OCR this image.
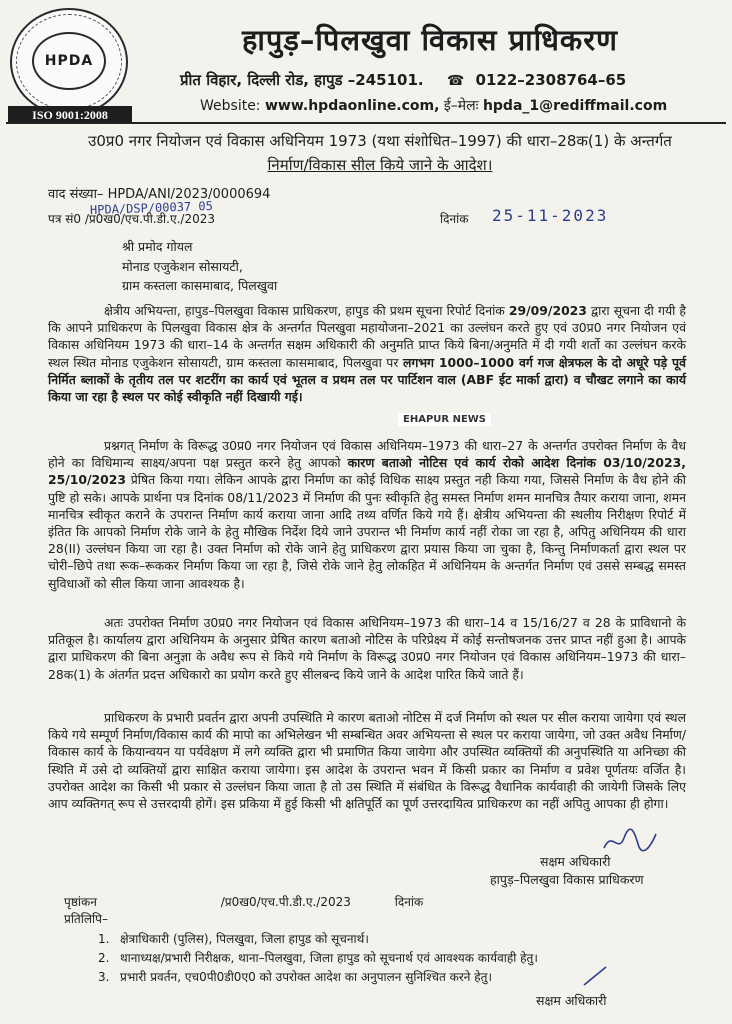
HPDA
ISO 9001:2008
हापुड़–पिलखुवा विकास प्राधिकरण
प्रीत विहार, दिल्ली रोड, हापुड –245101. ☎ 0122–2308764–65
Website: www.hpdaonline.com, ई–मेलः hpda_1@rediffmail.com
उ0प्र0 नगर नियोजन एवं विकास अधिनियम 1973 (यथा संशोधित–1997) की धारा–28क(1) के अन्तर्गत
निर्माण/विकास सील किये जाने के आदेश।
वाद संख्या– HPDA/ANI/2023/0000694
HPDA/DSP/00037 05
पत्र सं0 /प्र0ख0/एच.पी.डी.ए./2023	दिनांक 25-11-2023
श्री प्रमोद गोयल
मोनाड एजुकेशन सोसायटी,
ग्राम कस्तला कासमाबाद, पिलखुवा

क्षेत्रीय अभियन्ता, हापुड–पिलखुवा विकास प्राधिकरण, हापुड की प्रथम सूचना रिपोर्ट दिनांक 29/09/2023 द्वारा सूचना दी गयी है कि आपने प्राधिकरण के पिलखुवा विकास क्षेत्र के अन्तर्गत पिलखुवा महायोजना–2021 का उल्लंघन करते हुए एवं उ0प्र0 नगर नियोजन एवं विकास अधिनियम 1973 की धारा–14 के अन्तर्गत सक्षम अधिकारी की अनुमति प्राप्त किये बिना/अनुमति में दी गयी शर्तो का उल्लंघन करके स्थल स्थित मोनाड एजुकेशन सोसायटी, ग्राम कस्तला कासमाबाद, पिलखुवा पर लगभग 1000–1000 वर्ग गज क्षेत्रफल के दो अधूरे पड़े पूर्व निर्मित ब्लाकों के तृतीय तल पर शटरींग का कार्य एवं भूतल व प्रथम तल पर पार्टिशन वाल (ABF ईट मार्का द्वारा) व चौखट लगाने का कार्य किया जा रहा है स्थल पर कोई स्वीकृति नहीं दिखायी गई।

EHAPUR NEWS

प्रश्नगत् निर्माण के विरूद्ध उ0प्र0 नगर नियोजन एवं विकास अधिनियम–1973 की धारा–27 के अन्तर्गत उपरोक्त निर्माण के वैध होने का विधिमान्य साक्ष्य/अपना पक्ष प्रस्तुत करने हेतु आपको कारण बताओ नोटिस एवं कार्य रोको आदेश दिनांक 03/10/2023, 25/10/2023 प्रेषित किया गया। लेकिन आपके द्वारा निर्माण का कोई विधिक साक्ष्य प्रस्तुत नही किया गया, जिससे निर्माण के वैध होने की पुष्टि हो सके। आपके प्रार्थना पत्र दिनांक 08/11/2023 में निर्माण की पुनः स्वीकृति हेतु समस्त निर्माण शमन मानचित्र तैयार कराया जाना, शमन मानचित्र स्वीकृत कराने के उपरान्त निर्माण कार्य कराया जाना आदि तथ्य वर्णित किये गये हैं। क्षेत्रीय अभियन्ता की स्थलीय निरीक्षण रिपोर्ट में इंतित कि आपको निर्माण रोके जाने के हेतु मौखिक निर्देश दिये जाने उपरान्त भी निर्माण कार्य नहीं रोका जा रहा है, अपितु अधिनियम की धारा 28(II) उल्लंघन किया जा रहा है। उक्त निर्माण को रोके जाने हेतु प्राधिकरण द्वारा प्रयास किया जा चुका है, किन्तु निर्माणकर्ता द्वारा स्थल पर चोरी–छिपे तथा रूक–रूककर निर्माण किया जा रहा है, जिसे रोके जाने हेतु लोकहित में अधिनियम के अन्तर्गत निर्माण एवं उससे सम्बद्ध समस्त सुविधाओं को सील किया जाना आवश्यक है।

अतः उपरोक्त निर्माण उ0प्र0 नगर नियोजन एवं विकास अधिनियम–1973 की धारा–14 व 15/16/27 व 28 के प्राविधानो के प्रतिकूल है। कार्यालय द्वारा अधिनियम के अनुसार प्रेषित कारण बताओ नोटिस के परिप्रेक्ष्य में कोई सन्तोषजनक उत्तर प्राप्त नहीं हुआ है। आपके द्वारा प्राधिकरण की बिना अनुज्ञा के अवैध रूप से किये गये निर्माण के विरूद्ध उ0प्र0 नगर नियोजन एवं विकास अधिनियम–1973 की धारा–28क(1) के अंतर्गत प्रदत्त अधिकारो का प्रयोग करते हुए सीलबन्द किये जाने के आदेश पारित किये जाते हैं।

प्राधिकरण के प्रभारी प्रवर्तन द्वारा अपनी उपस्थिति मे कारण बताओ नोटिस में दर्ज निर्माण को स्थल पर सील कराया जायेगा एवं स्थल किये गये सम्पूर्ण निर्माण/विकास कार्य की मापो का अभिलेखन भी सम्बन्धित अवर अभियन्ता से स्थल पर कराया जायेगा, जो उक्त अवैध निर्माण/विकास कार्य के कियान्वयन या पर्यवेक्षण में लगे व्यक्ति द्वारा भी प्रमाणित किया जायेगा और उपस्थित व्यक्तियों की अनुपस्थिति या अनिच्छा की स्थिति में उसे दो व्यक्तियों द्वारा साक्षित कराया जायेगा। इस आदेश के उपरान्त भवन में किसी प्रकार का निर्माण व प्रवेश पूर्णतयः वर्जित है। उपरोक्त आदेश का किसी भी प्रकार से उल्लंघन किया जाता है तो उस स्थिति में संबंधित के विरूद्ध वैधानिक कार्यवाही की जायेगी जिसके लिए आप व्यक्तिगत् रूप से उत्तरदायी होगें। इस प्रकिया में हुई किसी भी क्षतिपूर्ति का पूर्ण उत्तरदायित्व प्राधिकरण का नहीं अपितु आपका ही होगा।

सक्षम अधिकारी
हापुड़–पिलखुवा विकास प्राधिकरण
पृष्ठांकन	/प्र0ख0/एच.पी.डी.ए./2023	दिनांक
प्रतिलिपि–
1. क्षेत्राधिकारी (पुलिस), पिलखुवा, जिला हापुड को सूचनार्थ।
2. थानाध्यक्ष/प्रभारी निरीक्षक, थाना–पिलखुवा, जिला हापुड को सूचनार्थ एवं आवश्यक कार्यवाही हेतु।
3. प्रभारी प्रवर्तन, एच0पी0डी0ए0 को उपरोक्त आदेश का अनुपालन सुनिश्चित करने हेतु।
सक्षम अधिकारी
